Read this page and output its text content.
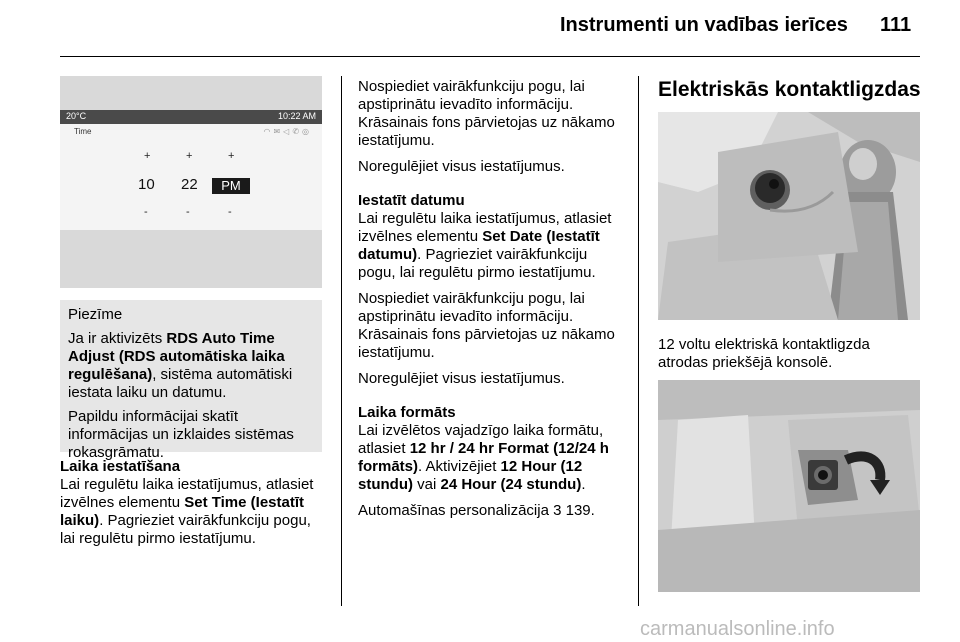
Instrumenti un vadības ierīces 111
20°C	10:22 AM
Time	◠✉◁✆◎
+	+	+
10 22	PM
-	-	-

Piezīme

Ja ir aktivizēts RDS Auto Time Adjust (RDS automātiska laika regulēšana), sistēma automātiski iestata laiku un datumu.

Papildu informācijai skatīt informācijas un izklaides sistēmas rokasgrāmatu.

Laika iestatīšana

Lai regulētu laika iestatījumus, atlasiet izvēlnes elementu Set Time (Iestatīt laiku). Pagrieziet vairākfunkciju pogu, lai regulētu pirmo iestatījumu.

Nospiediet vairākfunkciju pogu, lai apstiprinātu ievadīto informāciju. Krāsainais fons pārvietojas uz nākamo iestatījumu.

Noregulējiet visus iestatījumus.

Iestatīt datumu

Lai regulētu laika iestatījumus, atlasiet izvēlnes elementu Set Date (Iestatīt datumu). Pagrieziet vairākfunkciju pogu, lai regulētu pirmo iestatījumu.

Nospiediet vairākfunkciju pogu, lai apstiprinātu ievadīto informāciju. Krāsainais fons pārvietojas uz nākamo iestatījumu.

Noregulējiet visus iestatījumus.

Laika formāts

Lai izvēlētos vajadzīgo laika formātu, atlasiet 12 hr / 24 hr Format (12/24 h formāts). Aktivizējiet 12 Hour (12 stundu) vai 24 Hour (24 stundu).

Automašīnas personalizācija 3 139.

Elektriskās kontaktligzdas

12 voltu elektriskā kontaktligzda atrodas priekšējā konsolē.

carmanualsonline.info
